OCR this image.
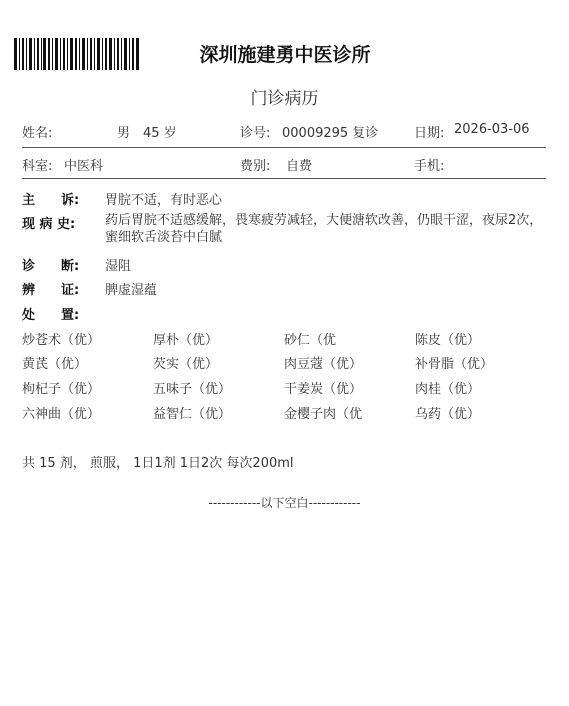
深圳施建勇中医诊所
门诊病历
姓名:	男 45 岁	诊号: 00009295 复诊	日期: 2026-03-06
科室: 中医科	费别: 自费	手机:
主　　诉:	胃脘不适，有时恶心
现 病 史:	药后胃脘不适感缓解，畏寒疲劳减轻，大便溏软改善，仍眼干涩，夜尿2次，蜜细软舌淡苔中白腻
诊　　断:	湿阻
辨　　证:	脾虚湿蕴
处　　置:
炒苍术（优）	厚朴（优）	砂仁（优	陈皮（优）
黄芪（优）	芡实（优）	肉豆蔻（优）	补骨脂（优）
枸杞子（优）	五味子（优）	干姜炭（优）	肉桂（优）
六神曲（优）	益智仁（优）	金樱子肉（优	乌药（优）
共 15 剂， 煎服， 1日1剂 1日2次 每次200ml
------------以下空白------------
